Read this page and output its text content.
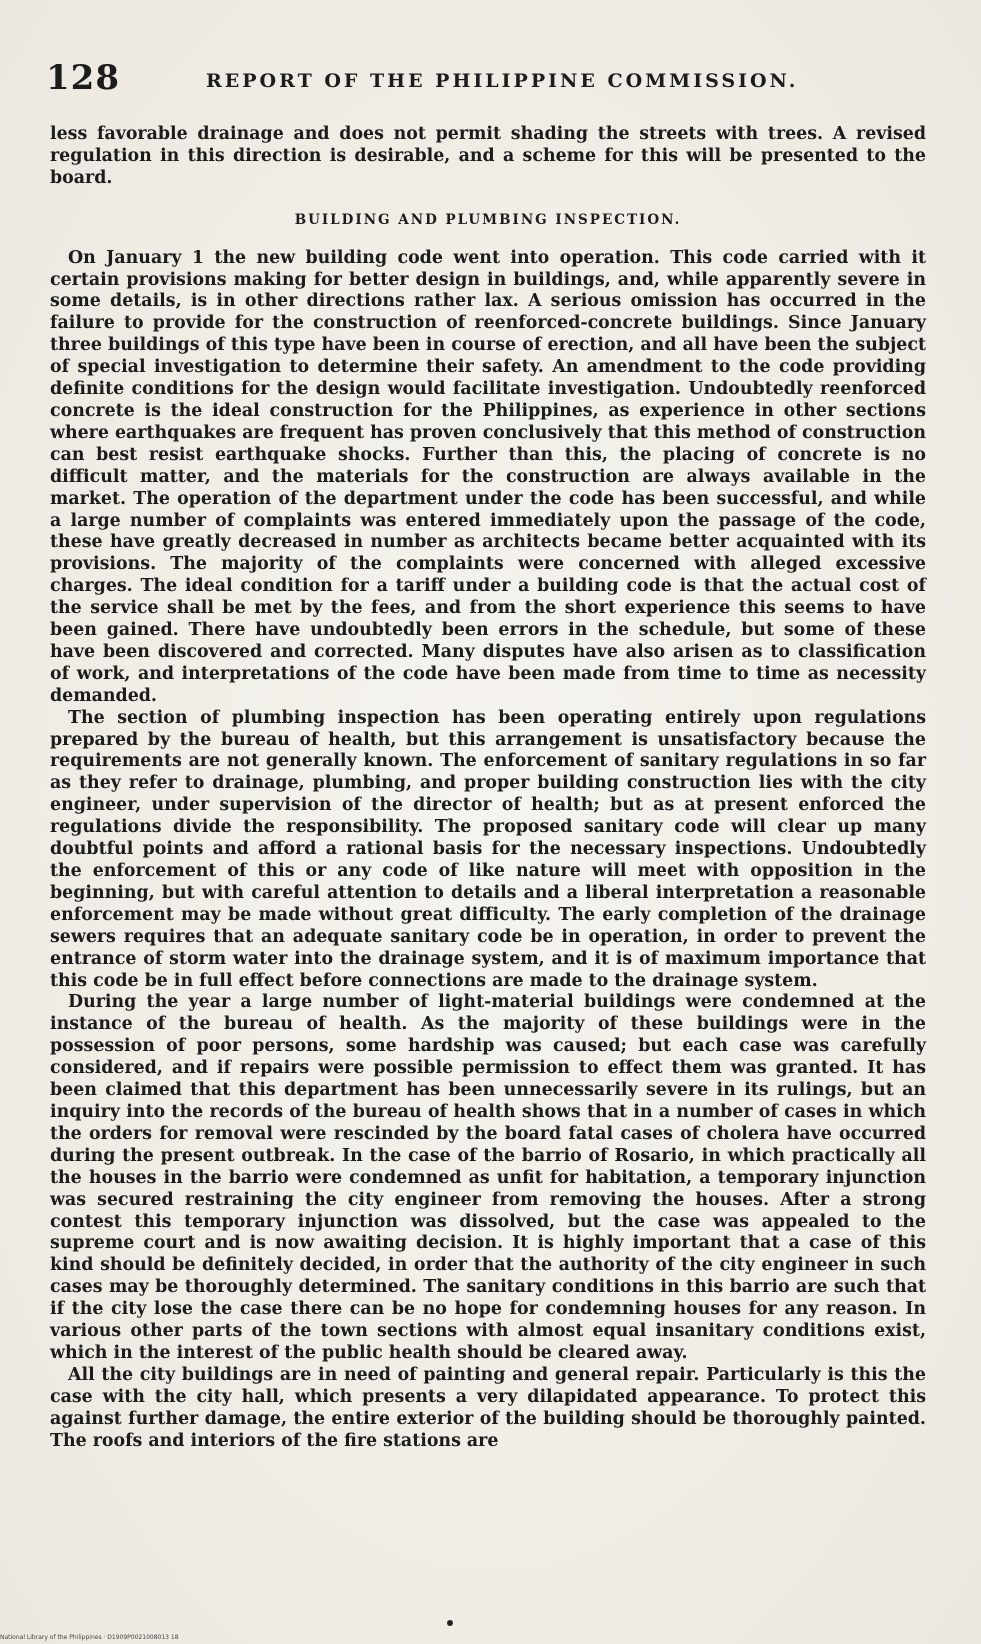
128	REPORT OF THE PHILIPPINE COMMISSION.

less favorable drainage and does not permit shading the streets with trees. A revised regulation in this direction is desirable, and a scheme for this will be presented to the board.

BUILDING AND PLUMBING INSPECTION.

On January 1 the new building code went into operation. This code carried with it certain provisions making for better design in buildings, and, while apparently severe in some details, is in other directions rather lax. A serious omission has occurred in the failure to provide for the construction of reenforced-concrete buildings. Since January three buildings of this type have been in course of erection, and all have been the subject of special investigation to determine their safety. An amendment to the code providing definite conditions for the design would facilitate investigation. Undoubtedly reenforced concrete is the ideal construction for the Philippines, as experience in other sections where earthquakes are frequent has proven conclusively that this method of construction can best resist earthquake shocks. Further than this, the placing of concrete is no difficult matter, and the materials for the construction are always available in the market. The operation of the department under the code has been successful, and while a large number of complaints was entered immediately upon the passage of the code, these have greatly decreased in number as architects became better acquainted with its provisions. The majority of the complaints were concerned with alleged excessive charges. The ideal condition for a tariff under a building code is that the actual cost of the service shall be met by the fees, and from the short experience this seems to have been gained. There have undoubtedly been errors in the schedule, but some of these have been discovered and corrected. Many disputes have also arisen as to classification of work, and interpretations of the code have been made from time to time as necessity demanded.

The section of plumbing inspection has been operating entirely upon regulations prepared by the bureau of health, but this arrangement is unsatisfactory because the requirements are not generally known. The enforcement of sanitary regulations in so far as they refer to drainage, plumbing, and proper building construction lies with the city engineer, under supervision of the director of health; but as at present enforced the regulations divide the responsibility. The proposed sanitary code will clear up many doubtful points and afford a rational basis for the necessary inspections. Undoubtedly the enforcement of this or any code of like nature will meet with opposition in the beginning, but with careful attention to details and a liberal interpretation a reasonable enforcement may be made without great difficulty. The early completion of the drainage sewers requires that an adequate sanitary code be in operation, in order to prevent the entrance of storm water into the drainage system, and it is of maximum importance that this code be in full effect before connections are made to the drainage system.

During the year a large number of light-material buildings were condemned at the instance of the bureau of health. As the majority of these buildings were in the possession of poor persons, some hardship was caused; but each case was carefully considered, and if repairs were possible permission to effect them was granted. It has been claimed that this department has been unnecessarily severe in its rulings, but an inquiry into the records of the bureau of health shows that in a number of cases in which the orders for removal were rescinded by the board fatal cases of cholera have occurred during the present outbreak. In the case of the barrio of Rosario, in which practically all the houses in the barrio were condemned as unfit for habitation, a temporary injunction was secured restraining the city engineer from removing the houses. After a strong contest this temporary injunction was dissolved, but the case was appealed to the supreme court and is now awaiting decision. It is highly important that a case of this kind should be definitely decided, in order that the authority of the city engineer in such cases may be thoroughly determined. The sanitary conditions in this barrio are such that if the city lose the case there can be no hope for condemning houses for any reason. In various other parts of the town sections with almost equal insanitary conditions exist, which in the interest of the public health should be cleared away.

All the city buildings are in need of painting and general repair. Particularly is this the case with the city hall, which presents a very dilapidated appearance. To protect this against further damage, the entire exterior of the building should be thoroughly painted. The roofs and interiors of the fire stations are

National Library of the Philippines · D1909P0021008013 18
